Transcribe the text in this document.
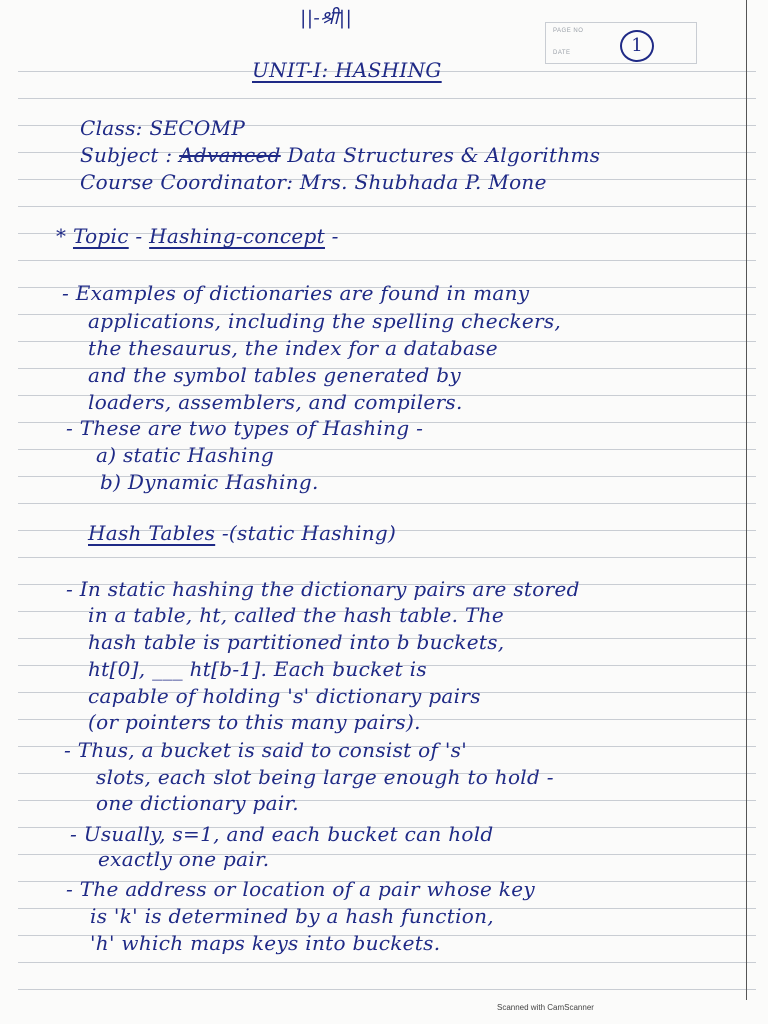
||-श्री||
PAGE NO
DATE	1
UNIT-I: HASHING
Class: SECOMP
Subject : Advanced Data Structures & Algorithms
Course Coordinator: Mrs. Shubhada P. Mone
* Topic - Hashing-concept -
- Examples of dictionaries are found in many
applications, including the spelling checkers,
the thesaurus, the index for a database
and the symbol tables generated by
loaders, assemblers, and compilers.
- These are two types of Hashing -
a) static Hashing
b) Dynamic Hashing.
Hash Tables -(static Hashing)
- In static hashing the dictionary pairs are stored
in a table, ht, called the hash table. The
hash table is partitioned into b buckets,
ht[0], ___ ht[b-1]. Each bucket is
capable of holding 's' dictionary pairs
(or pointers to this many pairs).
- Thus, a bucket is said to consist of 's'
slots, each slot being large enough to hold -
one dictionary pair.
- Usually, s=1, and each bucket can hold
exactly one pair.
- The address or location of a pair whose key
is 'k' is determined by a hash function,
'h' which maps keys into buckets.
Scanned with CamScanner
